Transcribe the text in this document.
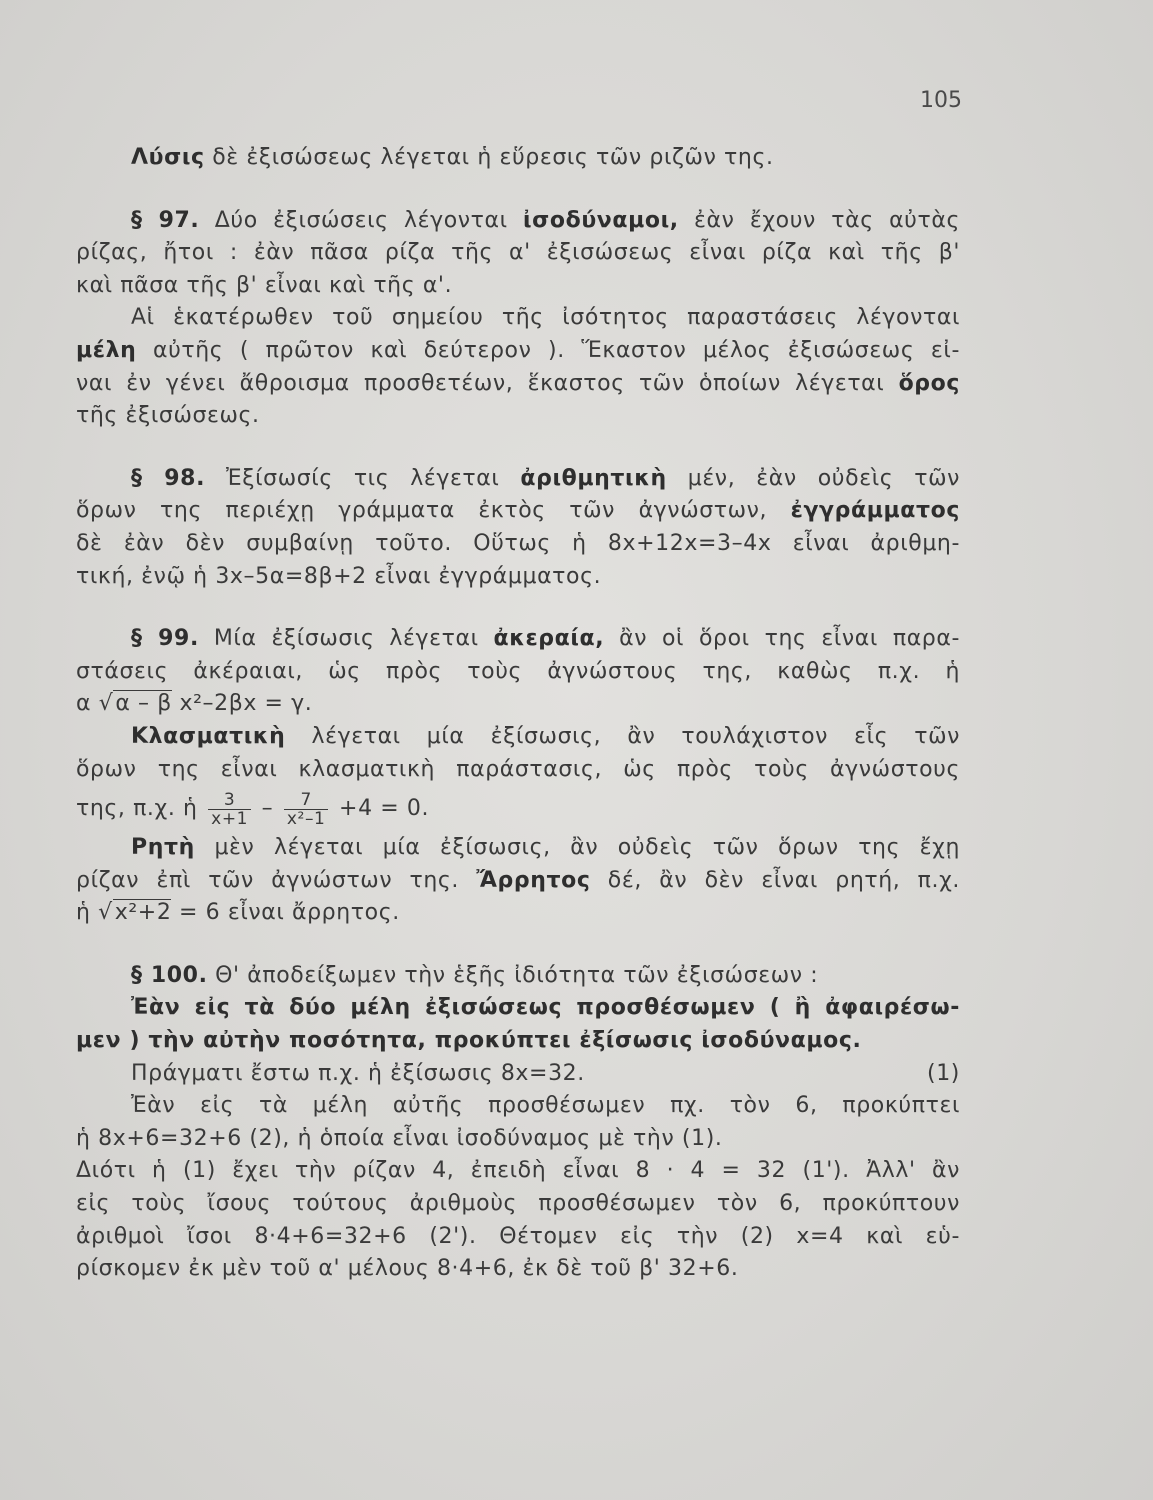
105
Λύσις δὲ ἐξισώσεως λέγεται ἡ εὕρεσις τῶν ριζῶν της.
§ 97. Δύο ἐξισώσεις λέγονται ἰσοδύναμοι, ἐὰν ἔχουν τὰς αὐτὰς
ρίζας, ἤτοι : ἐὰν πᾶσα ρίζα τῆς α' ἐξισώσεως εἶναι ρίζα καὶ τῆς β'
καὶ πᾶσα τῆς β' εἶναι καὶ τῆς α'.
Αἱ ἑκατέρωθεν τοῦ σημείου τῆς ἰσότητος παραστάσεις λέγονται
μέλη αὐτῆς ( πρῶτον καὶ δεύτερον ). Ἕκαστον μέλος ἐξισώσεως εἰ-
ναι ἐν γένει ἄθροισμα προσθετέων, ἕκαστος τῶν ὁποίων λέγεται ὅρος
τῆς ἐξισώσεως.
§ 98. Ἐξίσωσίς τις λέγεται ἀριθμητικὴ μέν, ἐὰν οὐδεὶς τῶν
ὅρων της περιέχῃ γράμματα ἐκτὸς τῶν ἀγνώστων, ἐγγράμματος
δὲ ἐὰν δὲν συμβαίνῃ τοῦτο. Οὕτως ἡ 8x+12x=3–4x εἶναι ἀριθμη-
τική, ἐνῷ ἡ 3x–5α=8β+2 εἶναι ἐγγράμματος.
§ 99. Μία ἐξίσωσις λέγεται ἀκεραία, ἂν οἱ ὅροι της εἶναι παρα-
στάσεις ἀκέραιαι, ὡς πρὸς τοὺς ἀγνώστους της, καθὼς π.χ. ἡ
α √α – β x²–2βx = γ.
Κλασματικὴ λέγεται μία ἐξίσωσις, ἂν τουλάχιστον εἷς τῶν
ὅρων της εἶναι κλασματικὴ παράστασις, ὡς πρὸς τοὺς ἀγνώστους
της, π.χ. ἡ $\frac{3}{x+1} - \frac{7}{\text{x²–1}} +4 = 0$.
Ρητὴ μὲν λέγεται μία ἐξίσωσις, ἂν οὐδεὶς τῶν ὅρων της ἔχῃ
ρίζαν ἐπὶ τῶν ἀγνώστων της. Ἄρρητος δέ, ἂν δὲν εἶναι ρητή, π.χ.
ἡ √x²+2 = 6 εἶναι ἄρρητος.
§ 100. Θ' ἀποδείξωμεν τὴν ἑξῆς ἰδιότητα τῶν ἐξισώσεων :
Ἐὰν εἰς τὰ δύο μέλη ἐξισώσεως προσθέσωμεν ( ἢ ἀφαιρέσω-
μεν ) τὴν αὐτὴν ποσότητα, προκύπτει ἐξίσωσις ἰσοδύναμος.
Πράγματι ἔστω π.χ. ἡ ἐξίσωσις 8x=32.	(1)
Ἐὰν εἰς τὰ μέλη αὐτῆς προσθέσωμεν πχ. τὸν 6, προκύπτει
ἡ 8x+6=32+6 (2), ἡ ὁποία εἶναι ἰσοδύναμος μὲ τὴν (1).
Διότι ἡ (1) ἔχει τὴν ρίζαν 4, ἐπειδὴ εἶναι 8 · 4 = 32 (1'). Ἀλλ' ἂν
εἰς τοὺς ἴσους τούτους ἀριθμοὺς προσθέσωμεν τὸν 6, προκύπτουν
ἀριθμοὶ ἴσοι 8·4+6=32+6 (2'). Θέτομεν εἰς τὴν (2) x=4 καὶ εὑ-
ρίσκομεν ἐκ μὲν τοῦ α' μέλους 8·4+6, ἐκ δὲ τοῦ β' 32+6.
